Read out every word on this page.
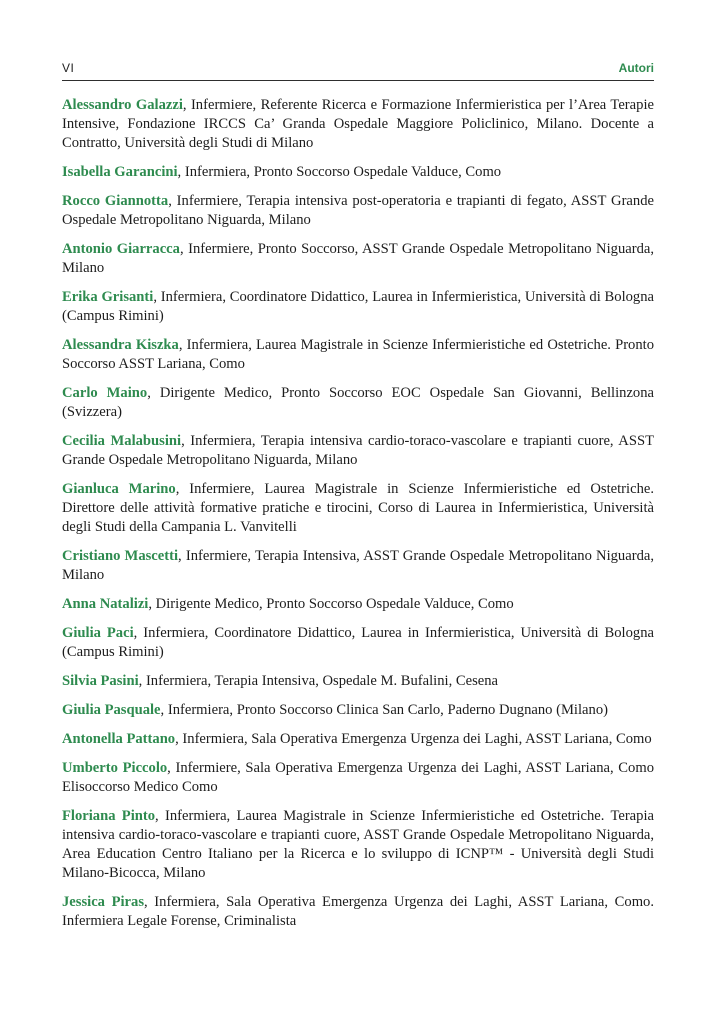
VI	Autori

Alessandro Galazzi, Infermiere, Referente Ricerca e Formazione Infermieristica per l’Area Terapie Intensive, Fondazione IRCCS Ca’ Granda Ospedale Maggiore Policlinico, Milano. Docente a Contratto, Università degli Studi di Milano

Isabella Garancini, Infermiera, Pronto Soccorso Ospedale Valduce, Como

Rocco Giannotta, Infermiere, Terapia intensiva post-operatoria e trapianti di fegato, ASST Grande Ospedale Metropolitano Niguarda, Milano

Antonio Giarracca, Infermiere, Pronto Soccorso, ASST Grande Ospedale Metropolitano Niguarda, Milano

Erika Grisanti, Infermiera, Coordinatore Didattico, Laurea in Infermieristica, Università di Bologna (Campus Rimini)

Alessandra Kiszka, Infermiera, Laurea Magistrale in Scienze Infermieristiche ed Ostetriche. Pronto Soccorso ASST Lariana, Como

Carlo Maino, Dirigente Medico, Pronto Soccorso EOC Ospedale San Giovanni, Bellinzona (Svizzera)

Cecilia Malabusini, Infermiera, Terapia intensiva cardio-toraco-vascolare e trapianti cuore, ASST Grande Ospedale Metropolitano Niguarda, Milano

Gianluca Marino, Infermiere, Laurea Magistrale in Scienze Infermieristiche ed Ostetriche. Direttore delle attività formative pratiche e tirocini, Corso di Laurea in Infermieristica, Università degli Studi della Campania L. Vanvitelli

Cristiano Mascetti, Infermiere, Terapia Intensiva, ASST Grande Ospedale Metropolitano Niguarda, Milano

Anna Natalizi, Dirigente Medico, Pronto Soccorso Ospedale Valduce, Como

Giulia Paci, Infermiera, Coordinatore Didattico, Laurea in Infermieristica, Università di Bologna (Campus Rimini)

Silvia Pasini, Infermiera, Terapia Intensiva, Ospedale M. Bufalini, Cesena

Giulia Pasquale, Infermiera, Pronto Soccorso Clinica San Carlo, Paderno Dugnano (Milano)

Antonella Pattano, Infermiera, Sala Operativa Emergenza Urgenza dei Laghi, ASST Lariana, Como

Umberto Piccolo, Infermiere, Sala Operativa Emergenza Urgenza dei Laghi, ASST Lariana, Como Elisoccorso Medico Como

Floriana Pinto, Infermiera, Laurea Magistrale in Scienze Infermieristiche ed Ostetriche. Terapia intensiva cardio-toraco-vascolare e trapianti cuore, ASST Grande Ospedale Metropolitano Niguarda, Area Education Centro Italiano per la Ricerca e lo sviluppo di ICNP™ - Università degli Studi Milano-Bicocca, Milano

Jessica Piras, Infermiera, Sala Operativa Emergenza Urgenza dei Laghi, ASST Lariana, Como. Infermiera Legale Forense, Criminalista
